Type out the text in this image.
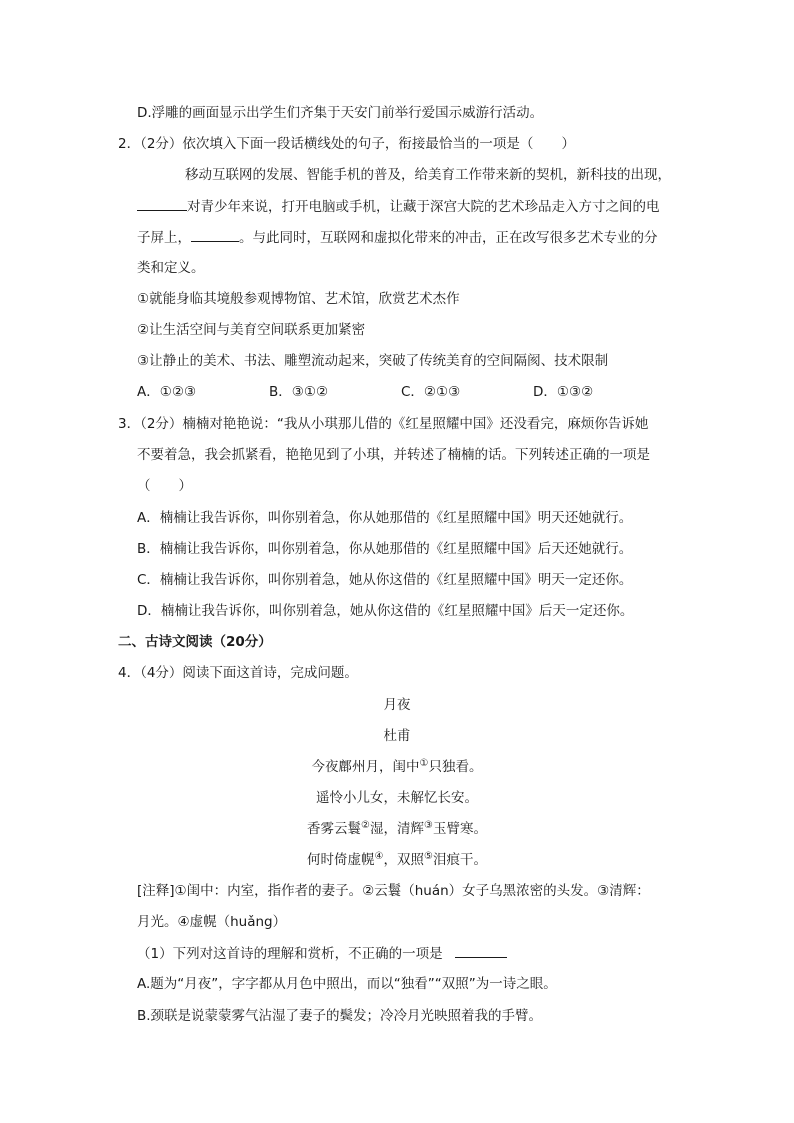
D.浮雕的画面显示出学生们齐集于天安门前举行爱国示威游行活动。
2．（2分）依次填入下面一段话横线处的句子，衔接最恰当的一项是（ ）
移动互联网的发展、智能手机的普及，给美育工作带来新的契机，新科技的出现，
对青少年来说，打开电脑或手机，让藏于深宫大院的艺术珍品走入方寸之间的电
子屏上，	。与此同时，互联网和虚拟化带来的冲击，正在改写很多艺术专业的分
类和定义。
①就能身临其境般参观博物馆、艺术馆，欣赏艺术杰作
②让生活空间与美育空间联系更加紧密
③让静止的美术、书法、雕塑流动起来，突破了传统美育的空间隔阂、技术限制
A．①②③	B．③①②	C．②①③	D．①③②
3．（2分）楠楠对艳艳说：“我从小琪那儿借的《红星照耀中国》还没看完，麻烦你告诉她
不要着急，我会抓紧看，艳艳见到了小琪，并转述了楠楠的话。下列转述正确的一项是
（ ）
A．楠楠让我告诉你，叫你别着急，你从她那借的《红星照耀中国》明天还她就行。
B．楠楠让我告诉你，叫你别着急，你从她那借的《红星照耀中国》后天还她就行。
C．楠楠让我告诉你，叫你别着急，她从你这借的《红星照耀中国》明天一定还你。
D．楠楠让我告诉你，叫你别着急，她从你这借的《红星照耀中国》后天一定还你。
二、古诗文阅读（20分）
4．（4分）阅读下面这首诗，完成问题。
月夜
杜甫
今夜鄜州月，闺中①只独看。
遥怜小儿女，未解忆长安。
香雾云鬟②湿，清辉③玉臂寒。
何时倚虚幌④，双照⑤泪痕干。
[注释]①闺中：内室，指作者的妻子。②云鬟（huán）女子乌黑浓密的头发。③清辉：
月光。④虚幌（huǎng）
（1）下列对这首诗的理解和赏析，不正确的一项是
A.题为“月夜”，字字都从月色中照出，而以“独看”“双照”为一诗之眼。
B.颈联是说蒙蒙雾气沾湿了妻子的鬓发；冷冷月光映照着我的手臂。
